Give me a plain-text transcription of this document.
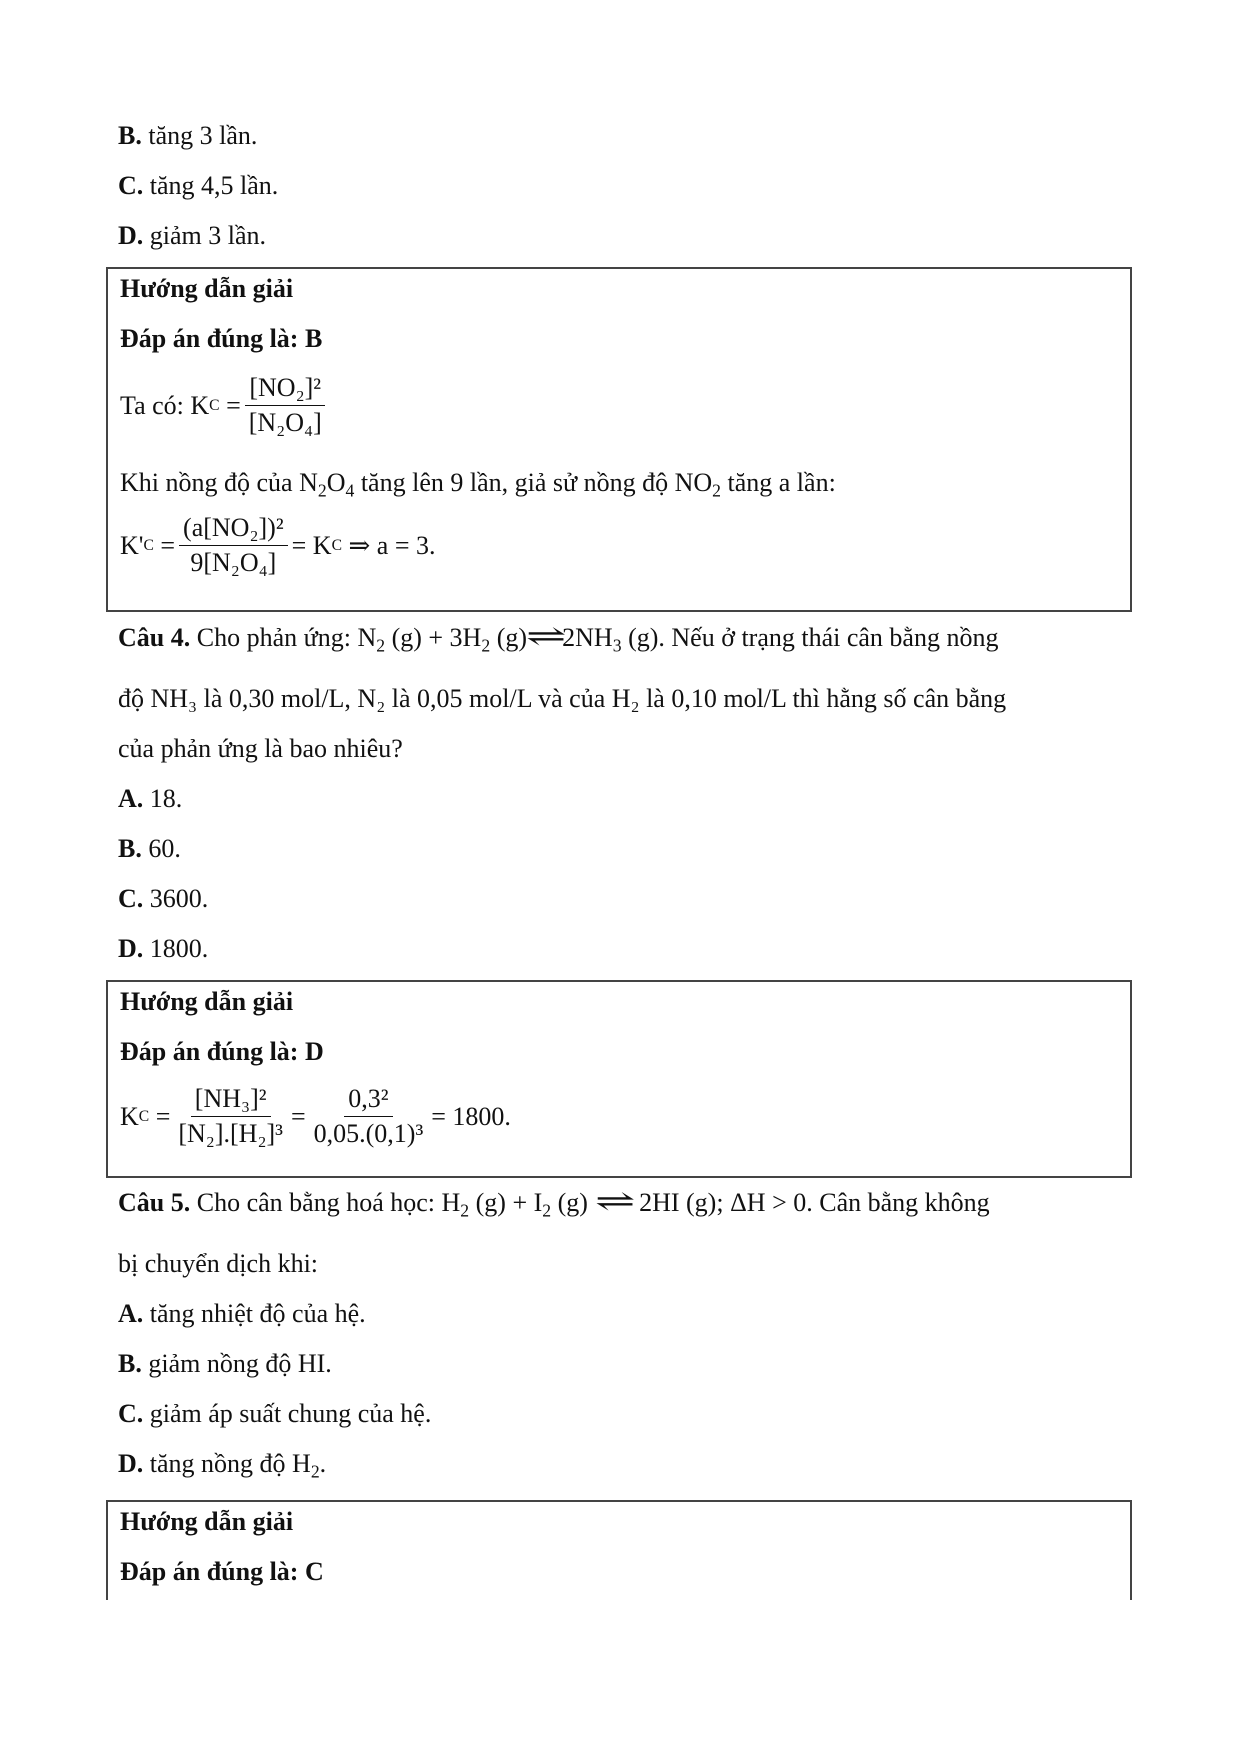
B. tăng 3 lần.
C. tăng 4,5 lần.
D. giảm 3 lần.
Hướng dẫn giải
Đáp án đúng là: B
Ta có:
K $C = \frac{\text{[NO₂]²}}{\text{[N₂O₄]}}$
Khi nồng độ của $N_2O_4$ tăng lên 9 lần, giả sử nồng độ $NO_2$ tăng a lần:
K' $C = \frac{\text{(a[NO₂])²}}{\text{9[N₂O₄]}} = K$ C
⇒ a = 3.
Câu 4. Cho phản ứng: $N_2$ $(g) + 3H_2$ $(g)\rightleftharpoons 2NH_3$ (g). Nếu ở trạng thái cân bằng nồng
độ NH₃ là 0,30 mol/L, N₂ là 0,05 mol/L và của H₂ là 0,10 mol/L thì hằng số cân bằng
của phản ứng là bao nhiêu?
A. 18.
B. 60.
C. 3600.
D. 1800.
Hướng dẫn giải
Đáp án đúng là: D
K $C = \frac{\text{[NH₃]²}}{\text{[N₂].[H₂]³}} = \frac{\text{0,3²}}{\text{0,05.(0,1)³}} = 1800$.
Câu 5. Cho cân bằng hoá học: $H_2$ $(g) + I_2$ (g) ⇌ 2HI (g); ΔH > 0. Cân bằng không
bị chuyển dịch khi:
A. tăng nhiệt độ của hệ.
B. giảm nồng độ HI.
C. giảm áp suất chung của hệ.
D. tăng nồng độ $H_2$.
Hướng dẫn giải
Đáp án đúng là: C
